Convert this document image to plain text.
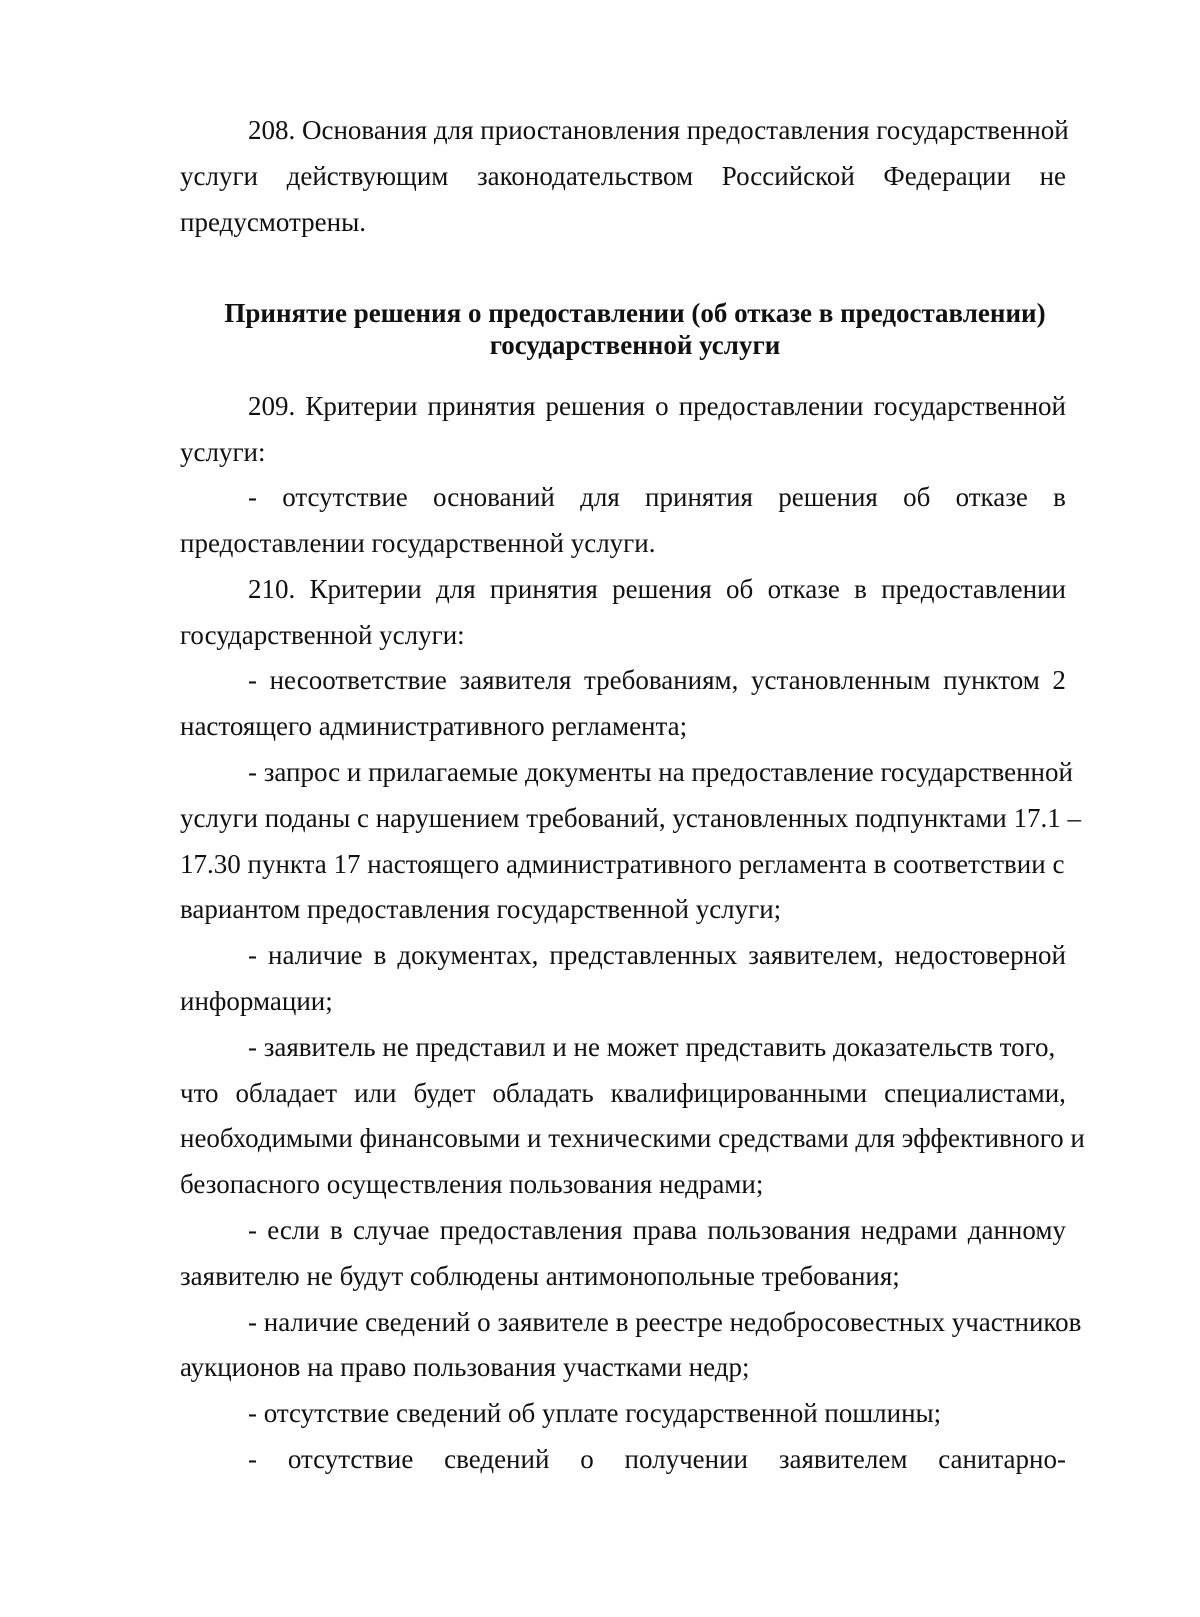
208. Основания для приостановления предоставления государственной
услуги действующим законодательством Российской Федерации не
предусмотрены.
Принятие решения о предоставлении (об отказе в предоставлении)
государственной услуги
209. Критерии принятия решения о предоставлении государственной
услуги:
- отсутствие оснований для принятия решения об отказе в
предоставлении государственной услуги.
210. Критерии для принятия решения об отказе в предоставлении
государственной услуги:
- несоответствие заявителя требованиям, установленным пунктом 2
настоящего административного регламента;
- запрос и прилагаемые документы на предоставление государственной
услуги поданы с нарушением требований, установленных подпунктами 17.1 –
17.30 пункта 17 настоящего административного регламента в соответствии с
вариантом предоставления государственной услуги;
- наличие в документах, представленных заявителем, недостоверной
информации;
- заявитель не представил и не может представить доказательств того,
что обладает или будет обладать квалифицированными специалистами,
необходимыми финансовыми и техническими средствами для эффективного и
безопасного осуществления пользования недрами;
- если в случае предоставления права пользования недрами данному
заявителю не будут соблюдены антимонопольные требования;
- наличие сведений о заявителе в реестре недобросовестных участников
аукционов на право пользования участками недр;
- отсутствие сведений об уплате государственной пошлины;
- отсутствие сведений о получении заявителем санитарно-
